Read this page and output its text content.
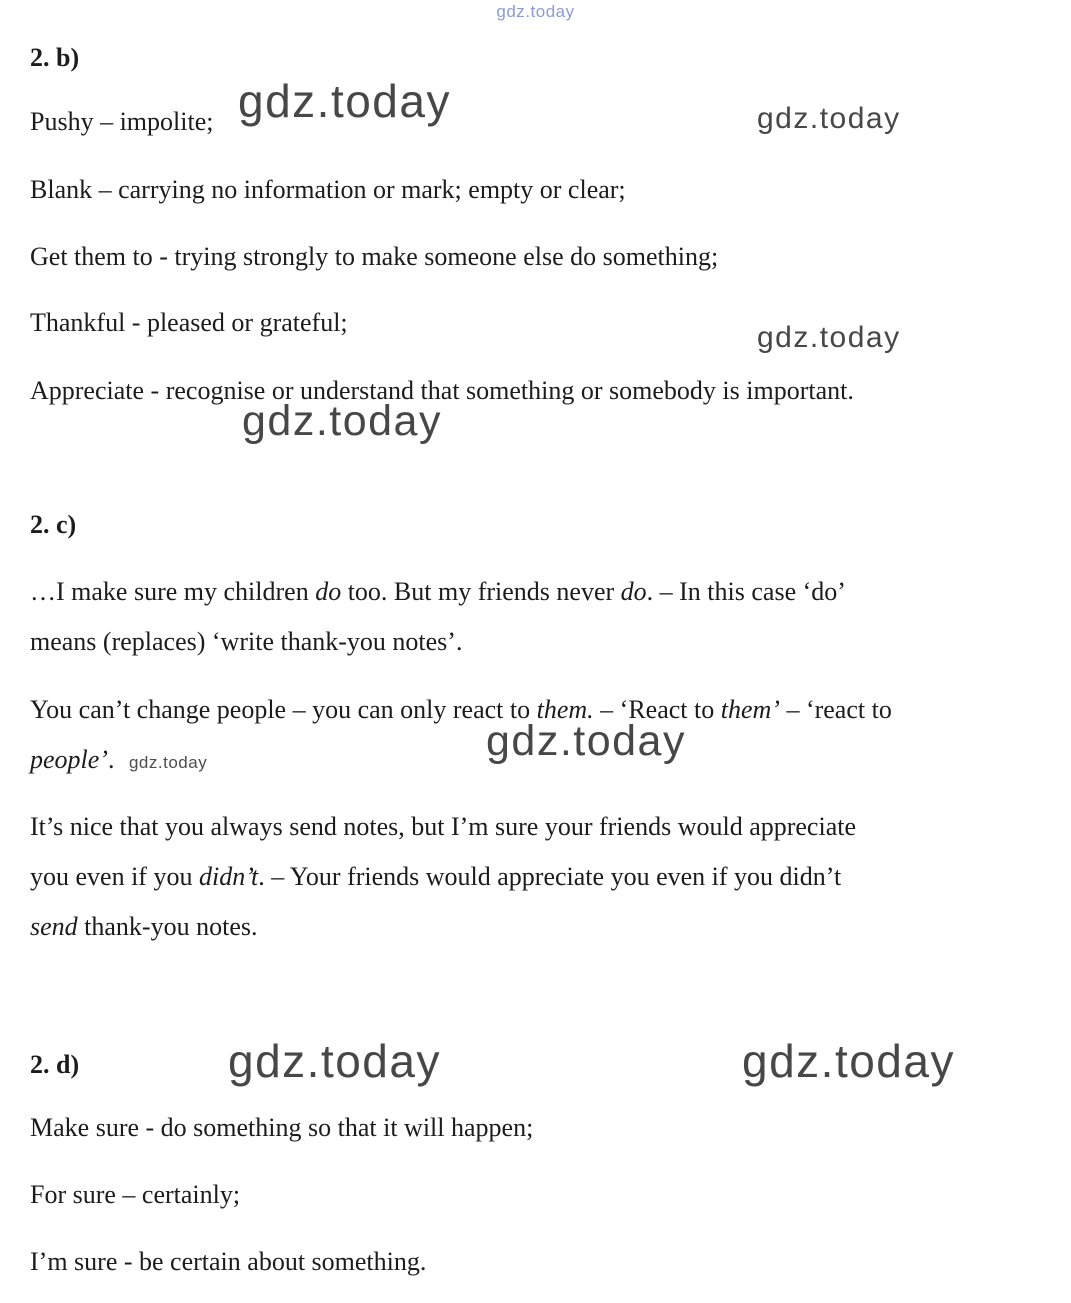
gdz.today
gdz.today	gdz.today
gdz.today
gdz.today
gdz.today
gdz.today	gdz.today
2. b)
Pushy – impolite;
Blank – carrying no information or mark; empty or clear;
Get them to - trying strongly to make someone else do something;
Thankful - pleased or grateful;
Appreciate - recognise or understand that something or somebody is important.
2. c)
…I make sure my children do too. But my friends never do. – In this case ‘do’
means (replaces) ‘write thank-you notes’.
You can’t change people – you can only react to them. – ‘React to them’ – ‘react to
people’. gdz.today
It’s nice that you always send notes, but I’m sure your friends would appreciate
you even if you didn’t. – Your friends would appreciate you even if you didn’t
send thank-you notes.
2. d)
Make sure - do something so that it will happen;
For sure – certainly;
I’m sure - be certain about something.
